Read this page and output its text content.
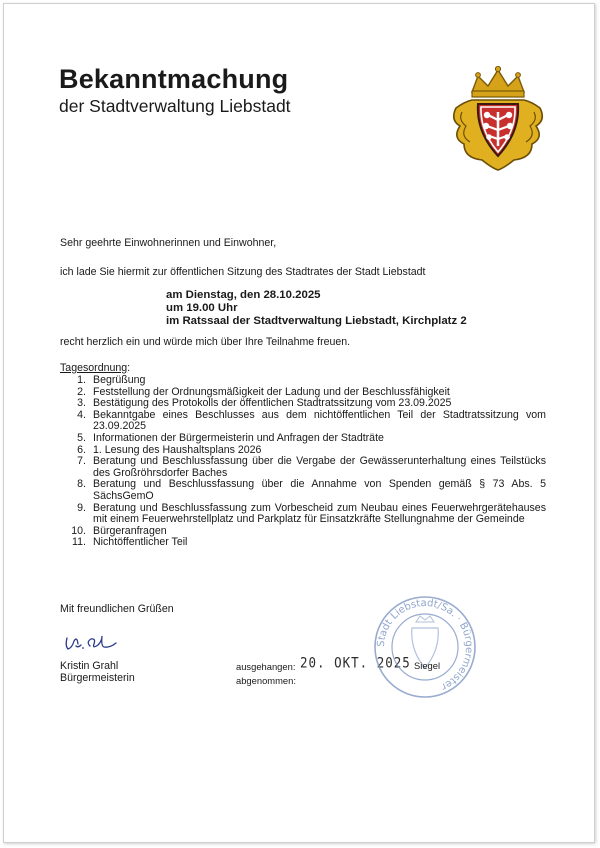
Bekanntmachung
der Stadtverwaltung Liebstadt
Sehr geehrte Einwohnerinnen und Einwohner,
ich lade Sie hiermit zur öffentlichen Sitzung des Stadtrates der Stadt Liebstadt
am Dienstag, den 28.10.2025
um 19.00 Uhr
im Ratssaal der Stadtverwaltung Liebstadt, Kirchplatz 2
recht herzlich ein und würde mich über Ihre Teilnahme freuen.
Tagesordnung:
1. Begrüßung
2. Feststellung der Ordnungsmäßigkeit der Ladung und der Beschlussfähigkeit
3. Bestätigung des Protokolls der öffentlichen Stadtratssitzung vom 23.09.2025
4. Bekanntgabe eines Beschlusses aus dem nichtöffentlichen Teil der Stadtratssitzung vom 23.09.2025
5. Informationen der Bürgermeisterin und Anfragen der Stadträte
6. 1. Lesung des Haushaltsplans 2026
7. Beratung und Beschlussfassung über die Vergabe der Gewässerunterhaltung eines Teilstücks des Großröhrsdorfer Baches
8. Beratung und Beschlussfassung über die Annahme von Spenden gemäß § 73 Abs. 5 SächsGemO
9. Beratung und Beschlussfassung zum Vorbescheid zum Neubau eines Feuerwehrgerätehauses mit einem Feuerwehrstellplatz und Parkplatz für Einsatzkräfte Stellungnahme der Gemeinde
10. Bürgeranfragen
11. Nichtöffentlicher Teil
Mit freundlichen Grüßen
Kristin Grahl
Bürgermeisterin
ausgehangen: 20. OKT. 2025
abgenommen:
Stadt Liebstadt/Sa. · Bürgermeister
Siegel
